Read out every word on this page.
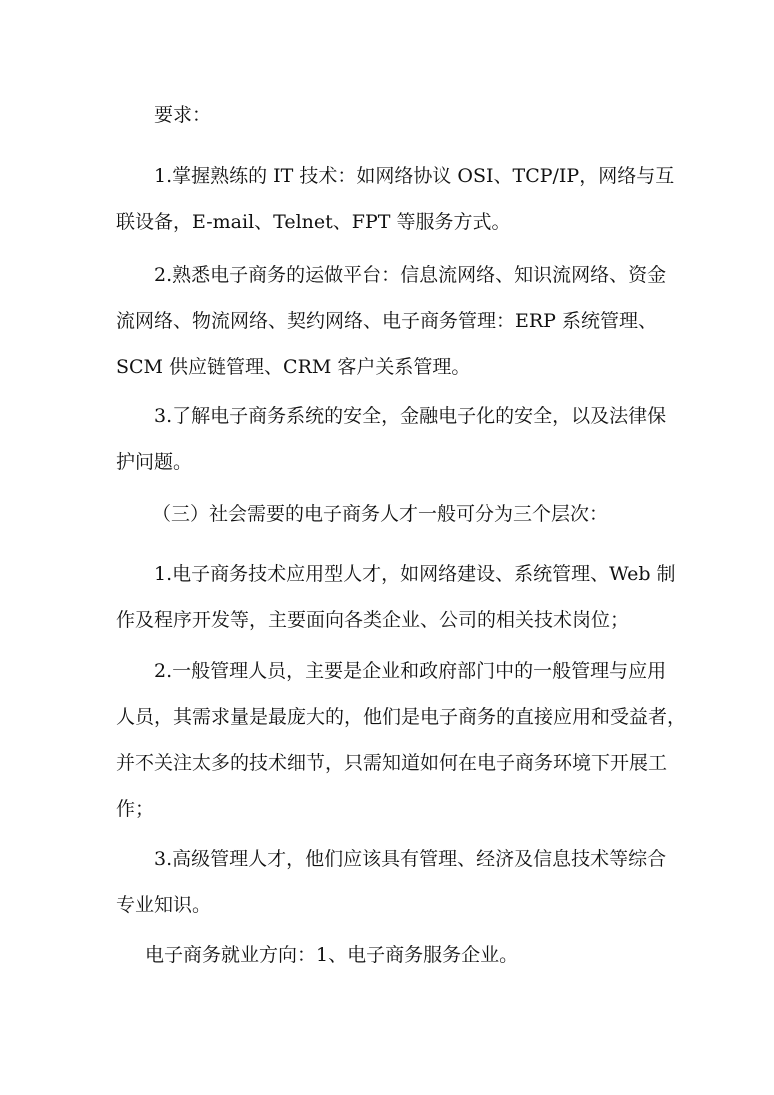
要求：

1.掌握熟练的 IT 技术：如网络协议 OSI、TCP/IP，网络与互
联设备，E-mail、Telnet、FPT 等服务方式。

2.熟悉电子商务的运做平台：信息流网络、知识流网络、资金
流网络、物流网络、契约网络、电子商务管理：ERP 系统管理、
SCM 供应链管理、CRM 客户关系管理。

3.了解电子商务系统的安全，金融电子化的安全，以及法律保
护问题。

（三）社会需要的电子商务人才一般可分为三个层次：

1.电子商务技术应用型人才，如网络建设、系统管理、Web 制
作及程序开发等，主要面向各类企业、公司的相关技术岗位；

2.一般管理人员，主要是企业和政府部门中的一般管理与应用
人员，其需求量是最庞大的，他们是电子商务的直接应用和受益者，
并不关注太多的技术细节，只需知道如何在电子商务环境下开展工
作；

3.高级管理人才，他们应该具有管理、经济及信息技术等综合
专业知识。

电子商务就业方向：1、电子商务服务企业。
